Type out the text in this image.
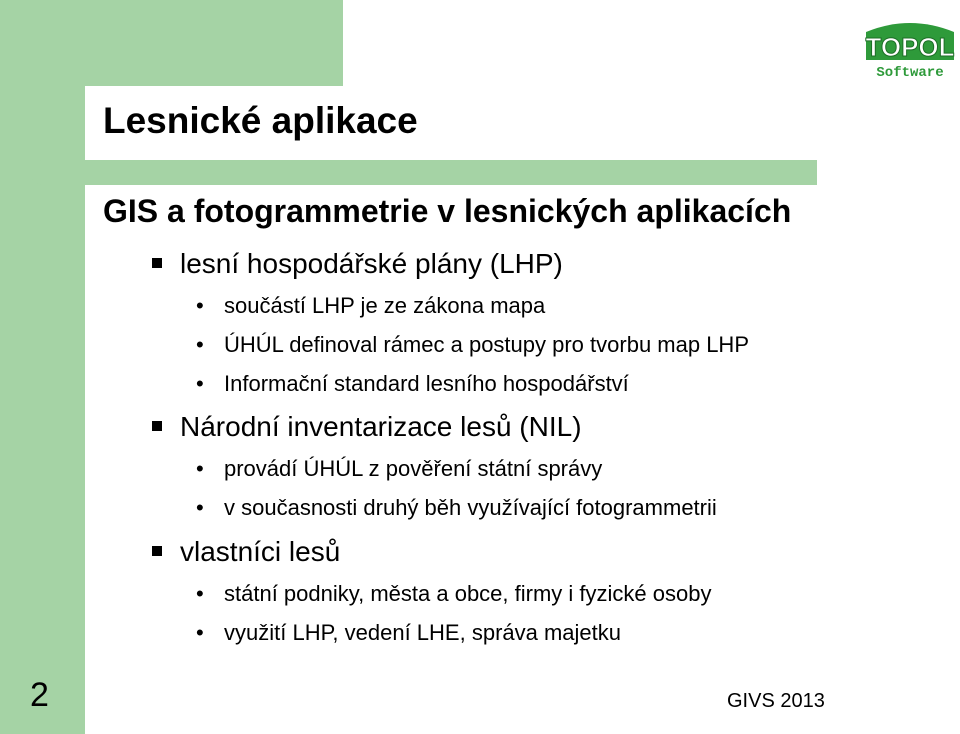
Lesnické aplikace
TOPOL
Software
GIS a fotogrammetrie v lesnických aplikacích
lesní hospodářské plány (LHP)
• součástí LHP je ze zákona mapa
• ÚHÚL definoval rámec a postupy pro tvorbu map LHP
• Informační standard lesního hospodářství
Národní inventarizace lesů (NIL)
• provádí ÚHÚL z pověření státní správy
• v současnosti druhý běh využívající fotogrammetrii
vlastníci lesů
• státní podniky, města a obce, firmy i fyzické osoby
• využití LHP, vedení LHE, správa majetku
2	GIVS 2013
